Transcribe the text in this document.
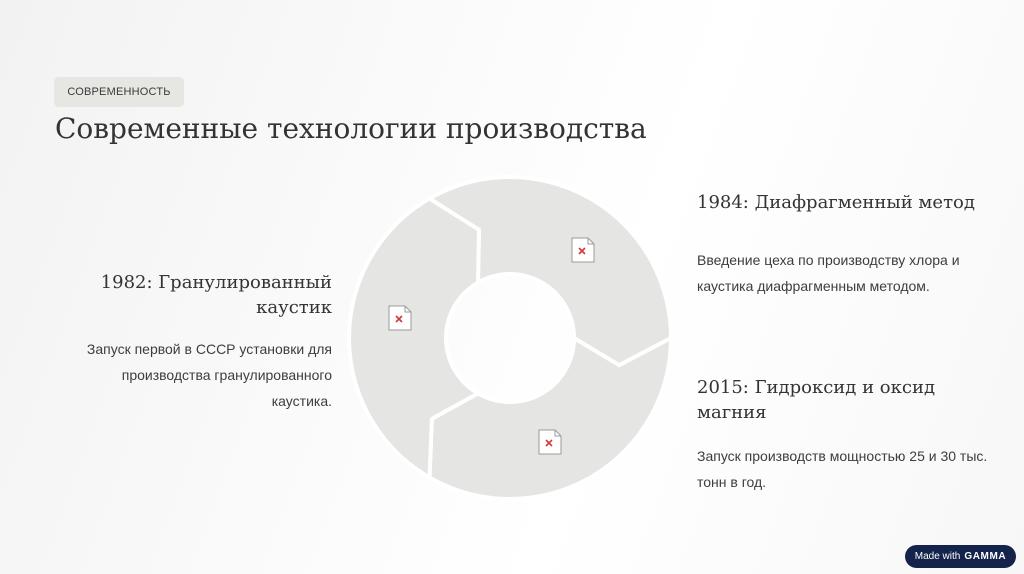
СОВРЕМЕННОСТЬ
Современные технологии производства
1982: Гранулированный каустик

Запуск первой в СССР установки для производства гранулированного каустика.

1984: Диафрагменный метод

Введение цеха по производству хлора и каустика диафрагменным методом.

2015: Гидроксид и оксид магния

Запуск производств мощностью 25 и 30 тыс. тонн в год.

Made with GAMMA
